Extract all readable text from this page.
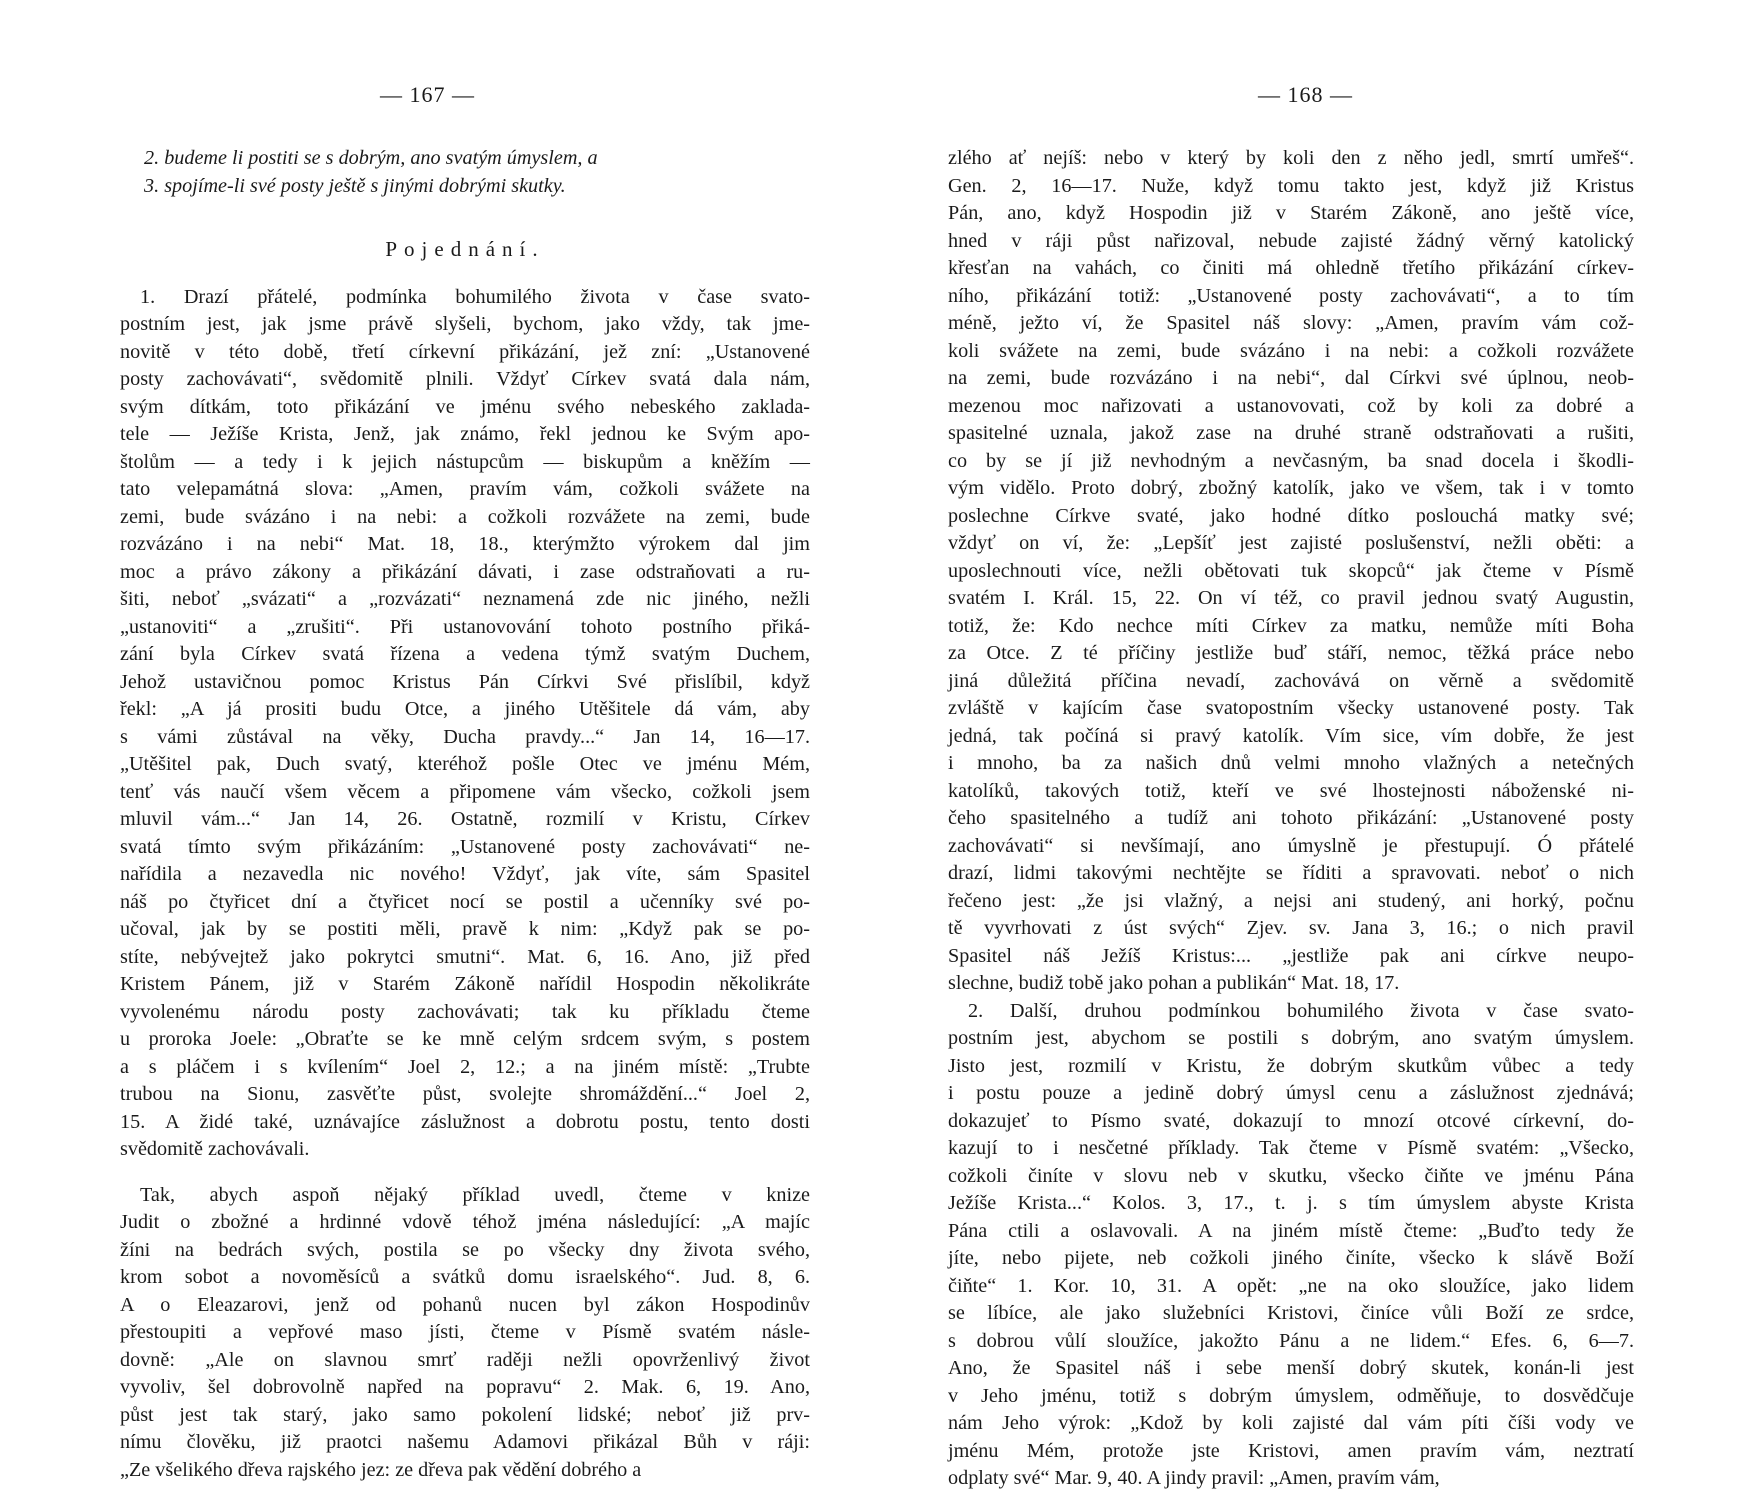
— 167 —
2. budeme li postiti se s dobrým, ano svatým úmyslem, a
3. spojíme-li své posty ještě s jinými dobrými skutky.
Pojednání.
1. Drazí přátelé, podmínka bohumilého života v čase svato-
postním jest, jak jsme právě slyšeli, bychom, jako vždy, tak jme-
novitě v této době, třetí církevní přikázání, jež zní: „Ustanovené
posty zachovávati“, svědomitě plnili. Vždyť Církev svatá dala nám,
svým dítkám, toto přikázání ve jménu svého nebeského zaklada-
tele — Ježíše Krista, Jenž, jak známo, řekl jednou ke Svým apo-
štolům — a tedy i k jejich nástupcům — biskupům a kněžím —
tato velepamátná slova: „Amen, pravím vám, cožkoli svážete na
zemi, bude svázáno i na nebi: a cožkoli rozvážete na zemi, bude
rozvázáno i na nebi“ Mat. 18, 18., kterýmžto výrokem dal jim
moc a právo zákony a přikázání dávati, i zase odstraňovati a ru-
šiti, neboť „svázati“ a „rozvázati“ neznamená zde nic jiného, nežli
„ustanoviti“ a „zrušiti“. Při ustanovování tohoto postního přiká-
zání byla Církev svatá řízena a vedena týmž svatým Duchem,
Jehož ustavičnou pomoc Kristus Pán Církvi Své přislíbil, když
řekl: „A já prositi budu Otce, a jiného Utěšitele dá vám, aby
s vámi zůstával na věky, Ducha pravdy...“ Jan 14, 16—17.
„Utěšitel pak, Duch svatý, kteréhož pošle Otec ve jménu Mém,
tenť vás naučí všem věcem a připomene vám všecko, cožkoli jsem
mluvil vám...“ Jan 14, 26. Ostatně, rozmilí v Kristu, Církev
svatá tímto svým přikázáním: „Ustanovené posty zachovávati“ ne-
nařídila a nezavedla nic nového! Vždyť, jak víte, sám Spasitel
náš po čtyřicet dní a čtyřicet nocí se postil a učenníky své po-
učoval, jak by se postiti měli, pravě k nim: „Když pak se po-
stíte, nebývejtež jako pokrytci smutni“. Mat. 6, 16. Ano, již před
Kristem Pánem, již v Starém Zákoně nařídil Hospodin několikráte
vyvolenému národu posty zachovávati; tak ku příkladu čteme
u proroka Joele: „Obraťte se ke mně celým srdcem svým, s postem
a s pláčem i s kvílením“ Joel 2, 12.; a na jiném místě: „Trubte
trubou na Sionu, zasvěťte půst, svolejte shromáždění...“ Joel 2,
15. A židé také, uznávajíce záslužnost a dobrotu postu, tento dosti
svědomitě zachovávali.
Tak, abych aspoň nějaký příklad uvedl, čteme v knize
Judit o zbožné a hrdinné vdově téhož jména následující: „A majíc
žíni na bedrách svých, postila se po všecky dny života svého,
krom sobot a novoměsíců a svátků domu israelského“. Jud. 8, 6.
A o Eleazarovi, jenž od pohanů nucen byl zákon Hospodinův
přestoupiti a vepřové maso jísti, čteme v Písmě svatém násle-
dovně: „Ale on slavnou smrť raději nežli opovrženlivý život
vyvoliv, šel dobrovolně napřed na popravu“ 2. Mak. 6, 19. Ano,
půst jest tak starý, jako samo pokolení lidské; neboť již prv-
nímu člověku, již praotci našemu Adamovi přikázal Bůh v ráji:
„Ze všelikého dřeva rajského jez: ze dřeva pak vědění dobrého a
— 168 —
zlého ať nejíš: nebo v který by koli den z něho jedl, smrtí umřeš“.
Gen. 2, 16—17. Nuže, když tomu takto jest, když již Kristus
Pán, ano, když Hospodin již v Starém Zákoně, ano ještě více,
hned v ráji půst nařizoval, nebude zajisté žádný věrný katolický
křesťan na vahách, co činiti má ohledně třetího přikázání církev-
ního, přikázání totiž: „Ustanovené posty zachovávati“, a to tím
méně, ježto ví, že Spasitel náš slovy: „Amen, pravím vám což-
koli svážete na zemi, bude svázáno i na nebi: a cožkoli rozvážete
na zemi, bude rozvázáno i na nebi“, dal Církvi své úplnou, neob-
mezenou moc nařizovati a ustanovovati, což by koli za dobré a
spasitelné uznala, jakož zase na druhé straně odstraňovati a rušiti,
co by se jí již nevhodným a nevčasným, ba snad docela i škodli-
vým vidělo. Proto dobrý, zbožný katolík, jako ve všem, tak i v tomto
poslechne Církve svaté, jako hodné dítko poslouchá matky své;
vždyť on ví, že: „Lepšíť jest zajisté poslušenství, nežli oběti: a
uposlechnouti více, nežli obětovati tuk skopců“ jak čteme v Písmě
svatém I. Král. 15, 22. On ví též, co pravil jednou svatý Augustin,
totiž, že: Kdo nechce míti Církev za matku, nemůže míti Boha
za Otce. Z té příčiny jestliže buď stáří, nemoc, těžká práce nebo
jiná důležitá příčina nevadí, zachovává on věrně a svědomitě
zvláště v kajícím čase svatopostním všecky ustanovené posty. Tak
jedná, tak počíná si pravý katolík. Vím sice, vím dobře, že jest
i mnoho, ba za našich dnů velmi mnoho vlažných a netečných
katolíků, takových totiž, kteří ve své lhostejnosti náboženské ni-
čeho spasitelného a tudíž ani tohoto přikázání: „Ustanovené posty
zachovávati“ si nevšímají, ano úmyslně je přestupují. Ó přátelé
drazí, lidmi takovými nechtějte se říditi a spravovati. neboť o nich
řečeno jest: „že jsi vlažný, a nejsi ani studený, ani horký, počnu
tě vyvrhovati z úst svých“ Zjev. sv. Jana 3, 16.; o nich pravil
Spasitel náš Ježíš Kristus:... „jestliže pak ani církve neupo-
slechne, budiž tobě jako pohan a publikán“ Mat. 18, 17.
2. Další, druhou podmínkou bohumilého života v čase svato-
postním jest, abychom se postili s dobrým, ano svatým úmyslem.
Jisto jest, rozmilí v Kristu, že dobrým skutkům vůbec a tedy
i postu pouze a jedině dobrý úmysl cenu a záslužnost zjednává;
dokazujeť to Písmo svaté, dokazují to mnozí otcové církevní, do-
kazují to i nesčetné příklady. Tak čteme v Písmě svatém: „Všecko,
cožkoli činíte v slovu neb v skutku, všecko čiňte ve jménu Pána
Ježíše Krista...“ Kolos. 3, 17., t. j. s tím úmyslem abyste Krista
Pána ctili a oslavovali. A na jiném místě čteme: „Buďto tedy že
jíte, nebo pijete, neb cožkoli jiného činíte, všecko k slávě Boží
čiňte“ 1. Kor. 10, 31. A opět: „ne na oko sloužíce, jako lidem
se líbíce, ale jako služebníci Kristovi, činíce vůli Boží ze srdce,
s dobrou vůlí sloužíce, jakožto Pánu a ne lidem.“ Efes. 6, 6—7.
Ano, že Spasitel náš i sebe menší dobrý skutek, konán-li jest
v Jeho jménu, totiž s dobrým úmyslem, odměňuje, to dosvědčuje
nám Jeho výrok: „Kdož by koli zajisté dal vám píti číši vody ve
jménu Mém, protože jste Kristovi, amen pravím vám, neztratí
odplaty své“ Mar. 9, 40. A jindy pravil: „Amen, pravím vám,
